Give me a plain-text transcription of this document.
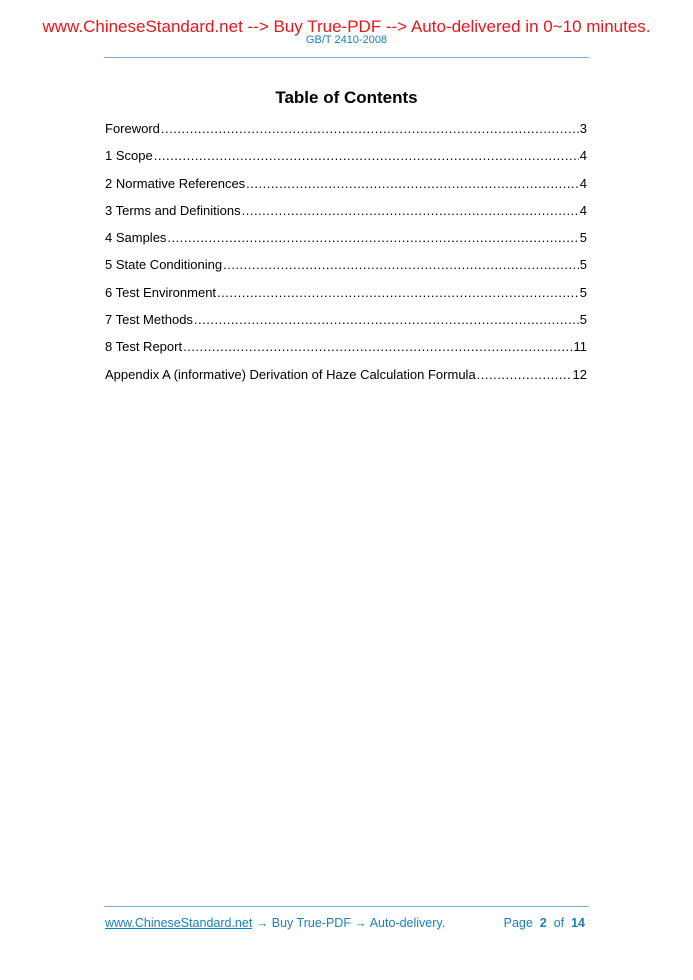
www.ChineseStandard.net --> Buy True-PDF --> Auto-delivered in 0~10 minutes.
GB/T 2410-2008
Table of Contents
Foreword .....	3
1 Scope .....	4
2 Normative References .....	4
3 Terms and Definitions .....	4
4 Samples .....	5
5 State Conditioning .....	5
6 Test Environment .....	5
7 Test Methods .....	5
8 Test Report .....	11
Appendix A (informative) Derivation of Haze Calculation Formula .....	12
www.ChineseStandard.net → Buy True-PDF → Auto-delivery.	Page 2 of 14
